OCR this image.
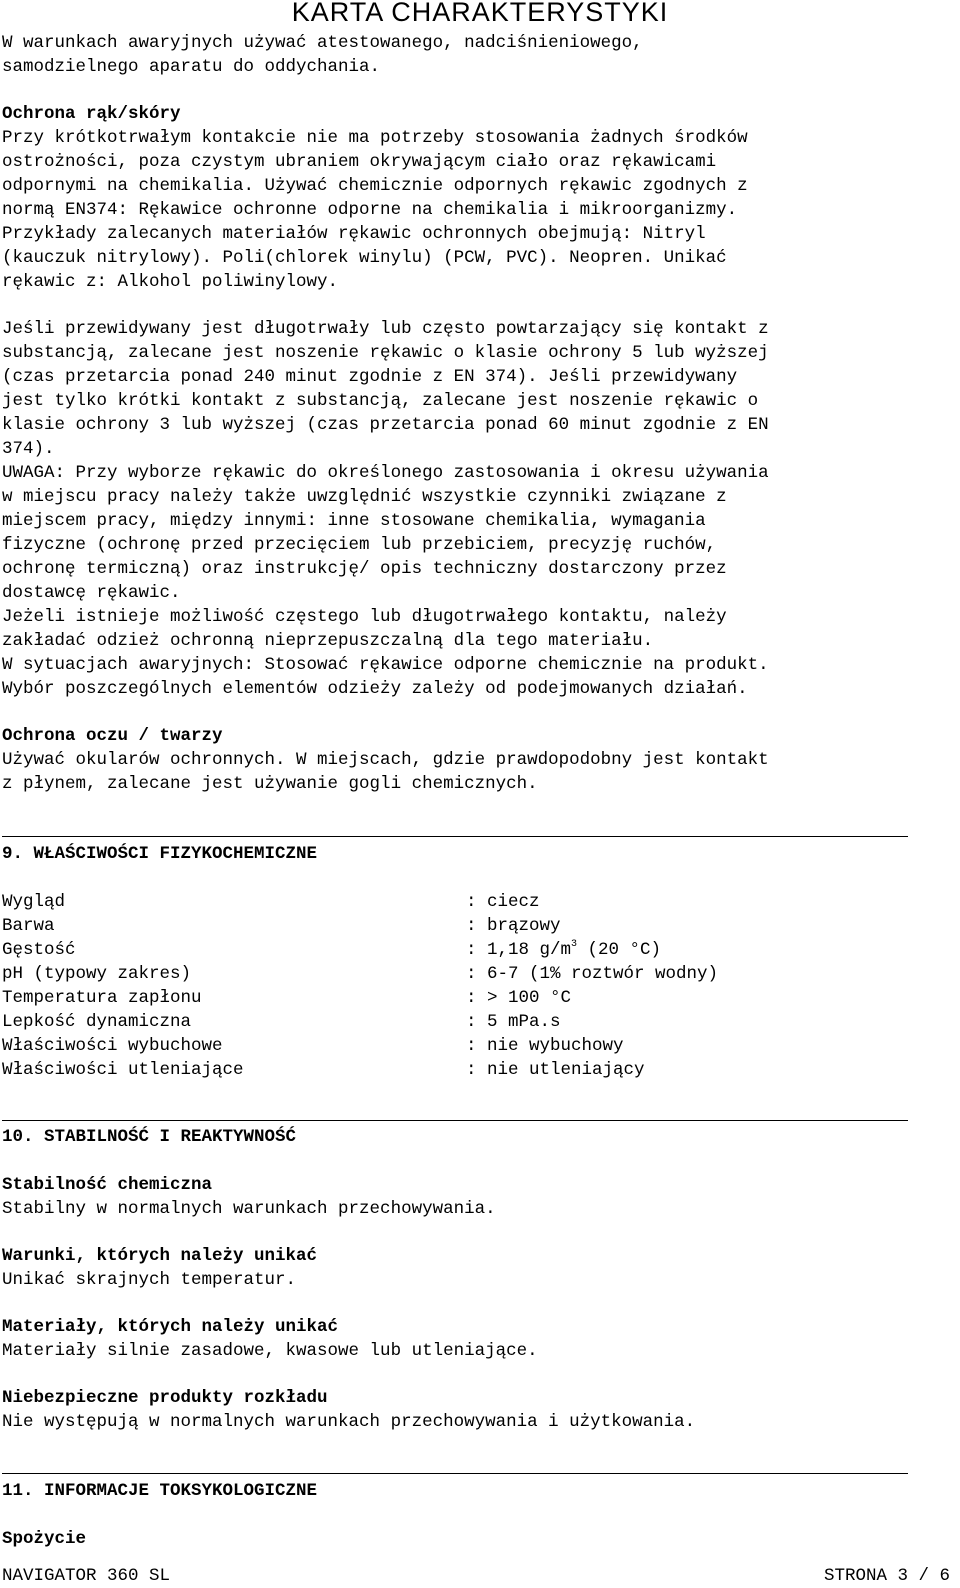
KARTA CHARAKTERYSTYKI
W warunkach awaryjnych używać atestowanego, nadciśnieniowego,
samodzielnego aparatu do oddychania.
Ochrona rąk/skóry
Przy krótkotrwałym kontakcie nie ma potrzeby stosowania żadnych środków
ostrożności, poza czystym ubraniem okrywającym ciało oraz rękawicami
odpornymi na chemikalia. Używać chemicznie odpornych rękawic zgodnych z
normą EN374: Rękawice ochronne odporne na chemikalia i mikroorganizmy.
Przykłady zalecanych materiałów rękawic ochronnych obejmują: Nitryl
(kauczuk nitrylowy). Poli(chlorek winylu) (PCW, PVC). Neopren. Unikać
rękawic z: Alkohol poliwinylowy.
Jeśli przewidywany jest długotrwały lub często powtarzający się kontakt z
substancją, zalecane jest noszenie rękawic o klasie ochrony 5 lub wyższej
(czas przetarcia ponad 240 minut zgodnie z EN 374). Jeśli przewidywany
jest tylko krótki kontakt z substancją, zalecane jest noszenie rękawic o
klasie ochrony 3 lub wyższej (czas przetarcia ponad 60 minut zgodnie z EN
374).
UWAGA: Przy wyborze rękawic do określonego zastosowania i okresu używania
w miejscu pracy należy także uwzględnić wszystkie czynniki związane z
miejscem pracy, między innymi: inne stosowane chemikalia, wymagania
fizyczne (ochronę przed przecięciem lub przebiciem, precyzję ruchów,
ochronę termiczną) oraz instrukcję/ opis techniczny dostarczony przez
dostawcę rękawic.
Jeżeli istnieje możliwość częstego lub długotrwałego kontaktu, należy
zakładać odzież ochronną nieprzepuszczalną dla tego materiału.
W sytuacjach awaryjnych: Stosować rękawice odporne chemicznie na produkt.
Wybór poszczególnych elementów odzieży zależy od podejmowanych działań.
Ochrona oczu / twarzy
Używać okularów ochronnych. W miejscach, gdzie prawdopodobny jest kontakt
z płynem, zalecane jest używanie gogli chemicznych.
9. WŁAŚCIWOŚCI FIZYKOCHEMICZNE
Wygląd	: ciecz
Barwa	: brązowy
Gęstość	: 1,18 $g/m^3$ (20 °C)
pH (typowy zakres)	: 6-7 (1% roztwór wodny)
Temperatura zapłonu	: > 100 °C
Lepkość dynamiczna	: 5 mPa.s
Właściwości wybuchowe	: nie wybuchowy
Właściwości utleniające	: nie utleniający
10. STABILNOŚĆ I REAKTYWNOŚĆ
Stabilność chemiczna
Stabilny w normalnych warunkach przechowywania.
Warunki, których należy unikać
Unikać skrajnych temperatur.
Materiały, których należy unikać
Materiały silnie zasadowe, kwasowe lub utleniające.
Niebezpieczne produkty rozkładu
Nie występują w normalnych warunkach przechowywania i użytkowania.
11. INFORMACJE TOKSYKOLOGICZNE
Spożycie
NAVIGATOR 360 SL	STRONA 3 / 6
